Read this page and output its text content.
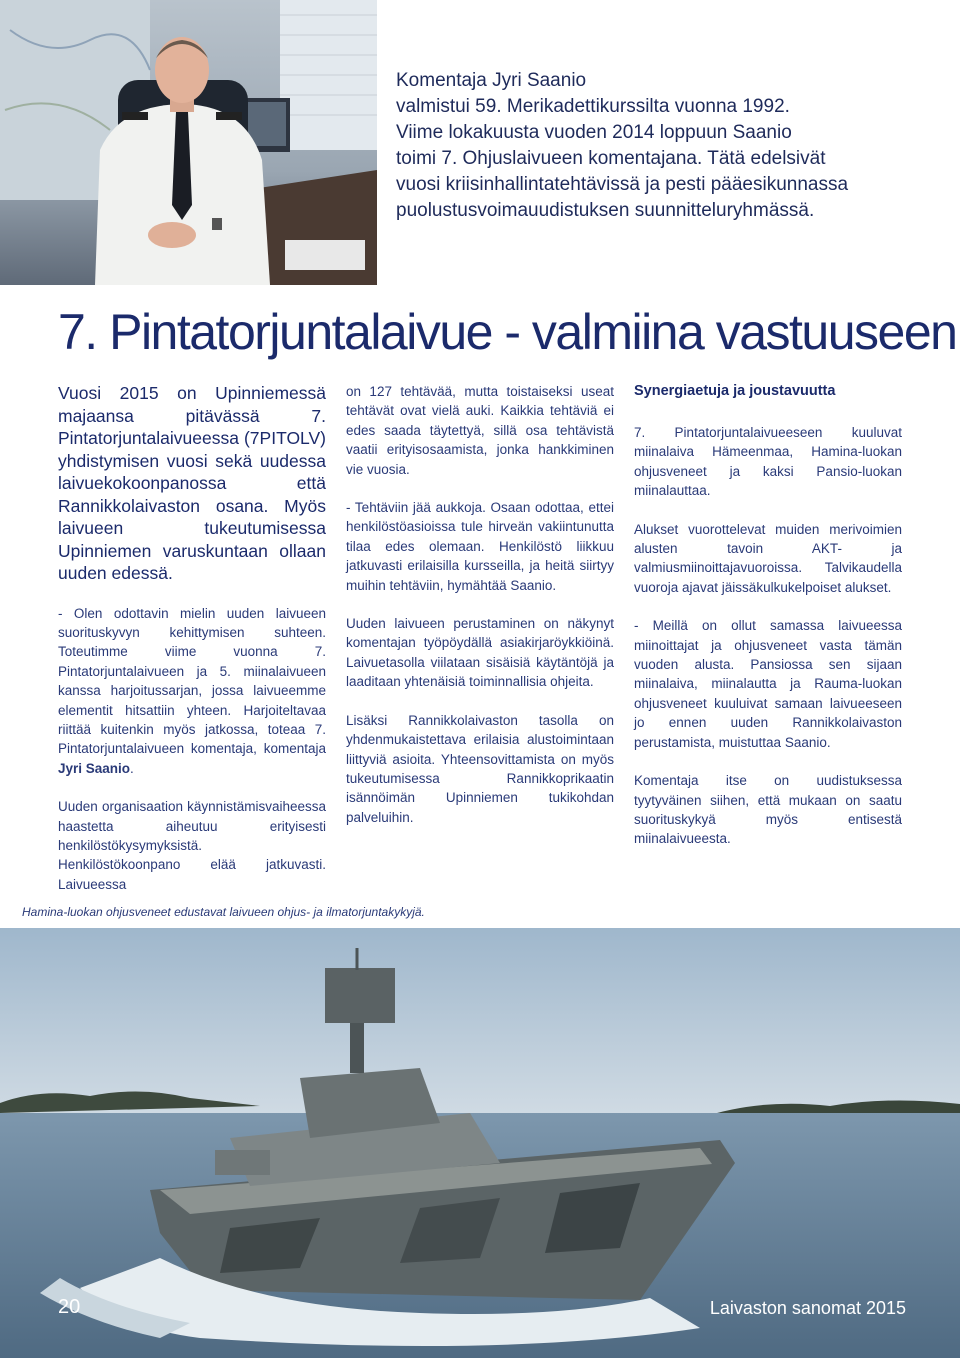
Komentaja Jyri Saanio
valmistui 59. Merikadettikurssilta vuonna 1992.
Viime lokakuusta vuoden 2014 loppuun Saanio
toimi 7. Ohjuslaivueen komentajana. Tätä edelsivät
vuosi kriisinhallintatehtävissä ja pesti pääesikunnassa
puolustusvoimauudistuksen suunnitteluryhmässä.
7. Pintatorjuntalaivue - valmiina vastuuseen

Vuosi 2015 on Upinniemessä majaansa pitävässä 7. Pintatorjuntalaivueessa (7PITOLV) yhdistymisen vuosi sekä uudessa laivuekokoonpanossa että Rannikkolaivaston osana. Myös laivueen tukeutumisessa Upinniemen varuskuntaan ollaan uuden edessä.

- Olen odottavin mielin uuden laivueen suorituskyvyn kehittymisen suhteen. Toteutimme viime vuonna 7. Pintatorjuntalaivueen ja 5. miinalaivueen kanssa harjoitussarjan, jossa laivueemme elementit hitsattiin yhteen. Harjoiteltavaa riittää kuitenkin myös jatkossa, toteaa 7. Pintatorjuntalaivueen komentaja, komentaja Jyri Saanio.

Uuden organisaation käynnistämisvaiheessa haastetta aiheutuu erityisesti henkilöstökysymyksistä. Henkilöstökoonpano elää jatkuvasti. Laivueessa

on 127 tehtävää, mutta toistaiseksi useat tehtävät ovat vielä auki. Kaikkia tehtäviä ei edes saada täytettyä, sillä osa tehtävistä vaatii erityisosaamista, jonka hankkiminen vie vuosia.

- Tehtäviin jää aukkoja. Osaan odottaa, ettei henkilöstöasioissa tule hirveän vakiintunutta tilaa edes olemaan. Henkilöstö liikkuu jatkuvasti erilaisilla kursseilla, ja heitä siirtyy muihin tehtäviin, hymähtää Saanio.

Uuden laivueen perustaminen on näkynyt komentajan työpöydällä asiakirjaröykkiöinä. Laivuetasolla viilataan sisäisiä käytäntöjä ja laaditaan yhtenäisiä toiminnallisia ohjeita.

Lisäksi Rannikkolaivaston tasolla on yhdenmukaistettava erilaisia alustoimintaan liittyviä asioita. Yhteensovittamista on myös tukeutumisessa Rannikkoprikaatin isännöimän Upinniemen tukikohdan palveluihin.

Synergiaetuja ja joustavuutta

7. Pintatorjuntalaivueeseen kuuluvat miinalaiva Hämeenmaa, Hamina-luokan ohjusveneet ja kaksi Pansio-luokan miinalauttaa.

Alukset vuorottelevat muiden merivoimien alusten tavoin AKT- ja valmiusmiinoittajavuoroissa. Talvikaudella vuoroja ajavat jäissäkulkukelpoiset alukset.

- Meillä on ollut samassa laivueessa miinoittajat ja ohjusveneet vasta tämän vuoden alusta. Pansiossa sen sijaan miinalaiva, miinalautta ja Rauma-luokan ohjusveneet kuuluivat samaan laivueeseen jo ennen uuden Rannikkolaivaston perustamista, muistuttaa Saanio.

Komentaja itse on uudistuksessa tyytyväinen siihen, että mukaan on saatu suorituskykyä myös entisestä miinalaivueesta.

Hamina-luokan ohjusveneet edustavat laivueen ohjus- ja ilmatorjuntakykyjä.
20	Laivaston sanomat 2015
